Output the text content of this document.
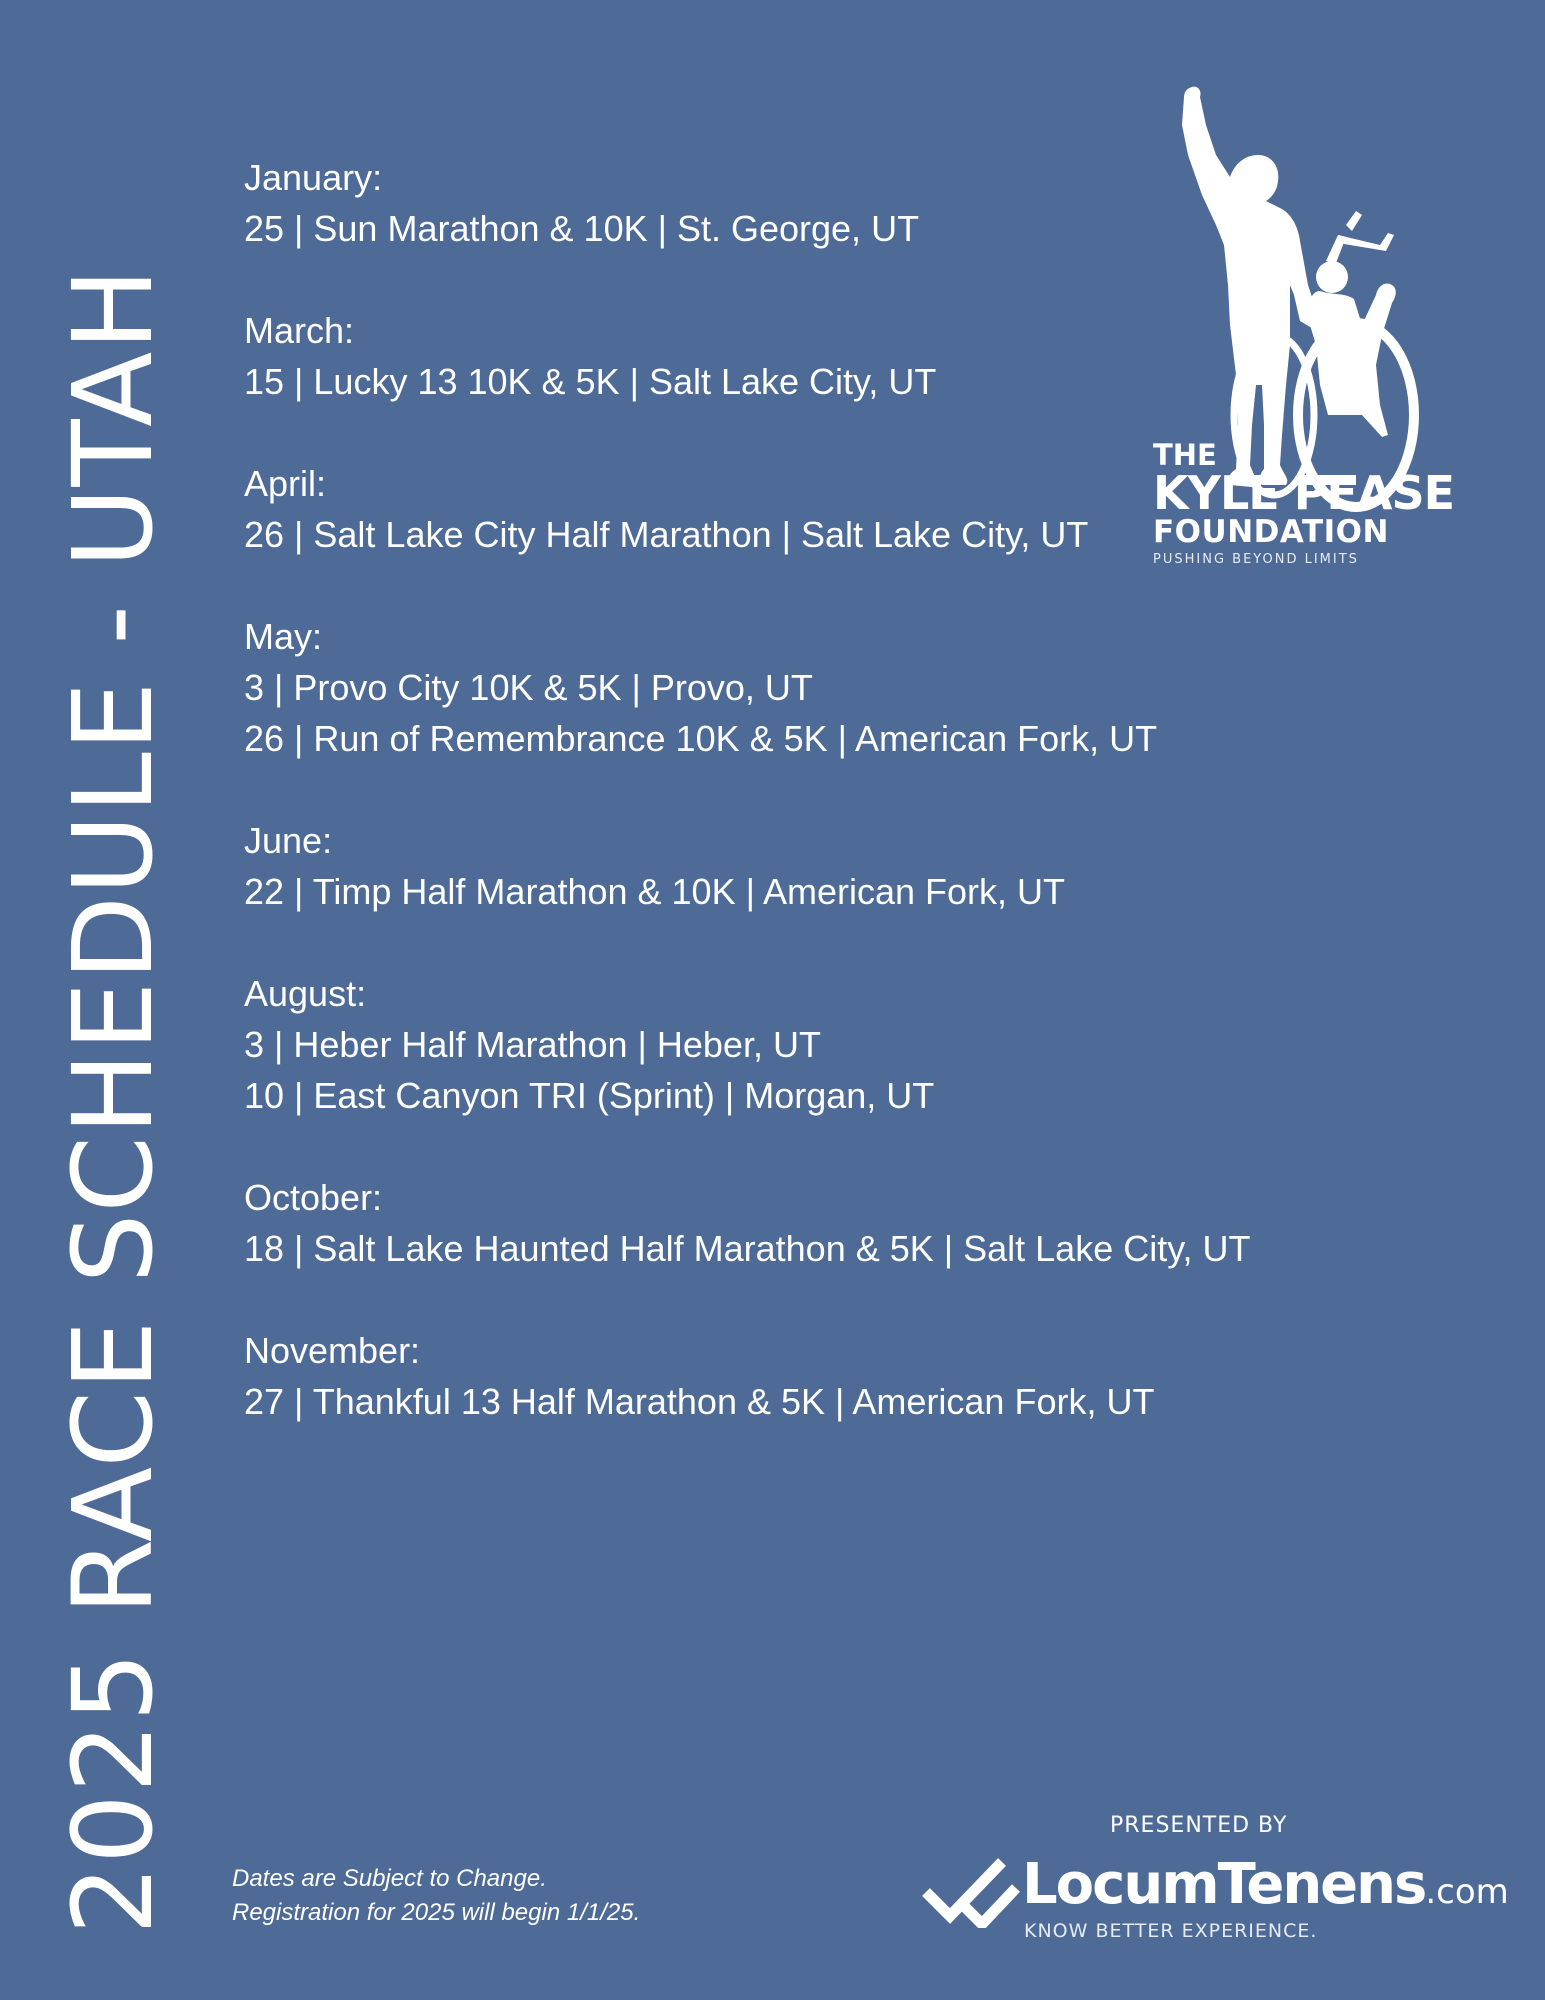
2025 RACE SCHEDULE - UTAH
January:
25 | Sun Marathon & 10K | St. George, UT
March:
15 | Lucky 13 10K & 5K | Salt Lake City, UT
April:
26 | Salt Lake City Half Marathon | Salt Lake City, UT
May:
3 | Provo City 10K & 5K | Provo, UT
26 | Run of Remembrance 10K & 5K | American Fork, UT
June:
22 | Timp Half Marathon & 10K | American Fork, UT
August:
3 | Heber Half Marathon | Heber, UT
10 | East Canyon TRI (Sprint) | Morgan, UT
October:
18 | Salt Lake Haunted Half Marathon & 5K | Salt Lake City, UT
November:
27 | Thankful 13 Half Marathon & 5K | American Fork, UT
THE
KYLE PEASE
FOUNDATION
PUSHING BEYOND LIMITS
Dates are Subject to Change.
Registration for 2025 will begin 1/1/25.
PRESENTED BY
LocumTenens.com
KNOW BETTER EXPERIENCE.
